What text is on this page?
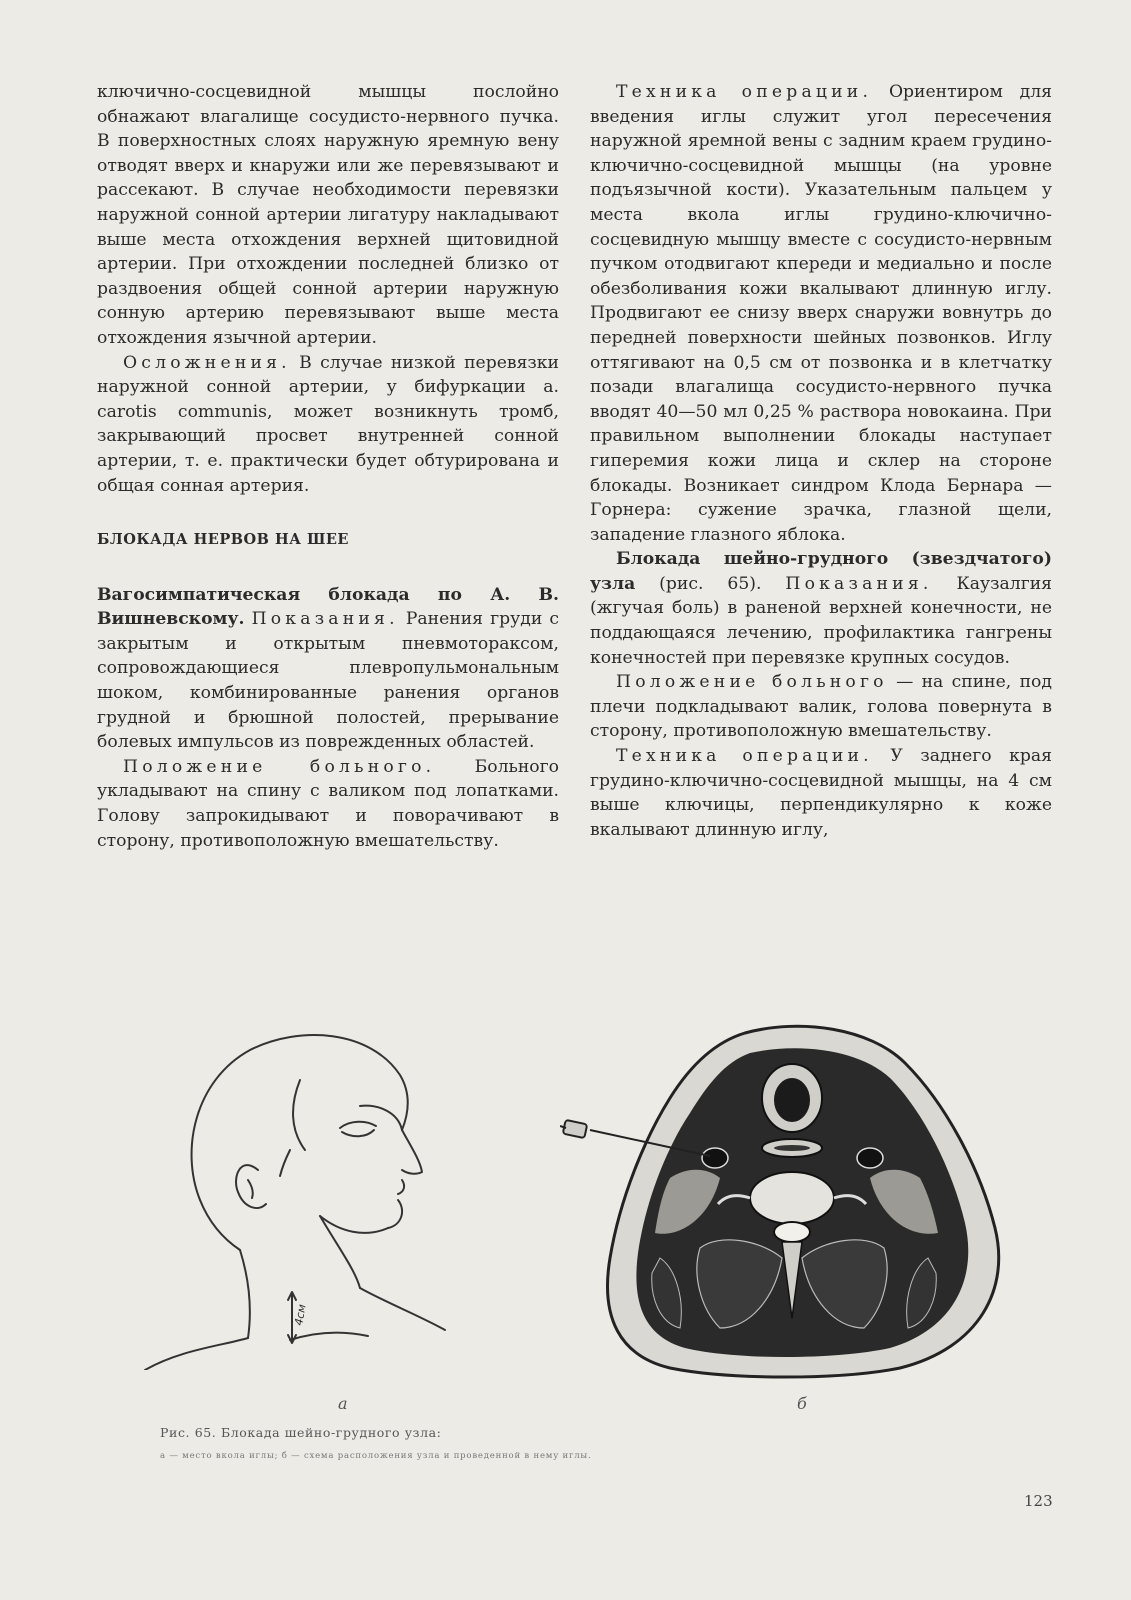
ключично-сосцевидной мышцы послойно обнажают влагалище сосудисто-нервного пучка. В поверхностных слоях наружную яремную вену отводят вверх и кнаружи или же перевязывают и рассекают. В случае необходимости перевязки наружной сонной артерии лигатуру накладывают выше места отхождения верхней щитовидной артерии. При отхождении последней близко от раздвоения общей сонной артерии наружную сонную артерию перевязывают выше места отхождения язычной артерии.

Осложнения. В случае низкой перевязки наружной сонной артерии, у бифуркации a. carotis communis, может возникнуть тромб, закрывающий просвет внутренней сонной артерии, т. е. практически будет обтурирована и общая сонная артерия.

БЛОКАДА НЕРВОВ НА ШЕЕ

Вагосимпатическая блокада по А. В. Вишневскому. Показания. Ранения груди с закрытым и открытым пневмотораксом, сопровождающиеся плевропульмональным шоком, комбинированные ранения органов грудной и брюшной полостей, прерывание болевых импульсов из поврежденных областей.

Положение больного. Больного укладывают на спину с валиком под лопатками. Голову запрокидывают и поворачивают в сторону, противоположную вмешательству.

Техника операции. Ориентиром для введения иглы служит угол пересечения наружной яремной вены с задним краем грудино-ключично-сосцевидной мышцы (на уровне подъязычной кости). Указательным пальцем у места вкола иглы грудино-ключично-сосцевидную мышцу вместе с сосудисто-нервным пучком отодвигают кпереди и медиально и после обезболивания кожи вкалывают длинную иглу. Продвигают ее снизу вверх снаружи вовнутрь до передней поверхности шейных позвонков. Иглу оттягивают на 0,5 см от позвонка и в клетчатку позади влагалища сосудисто-нервного пучка вводят 40—50 мл 0,25 % раствора новокаина. При правильном выполнении блокады наступает гиперемия кожи лица и склер на стороне блокады. Возникает синдром Клода Бернара — Горнера: сужение зрачка, глазной щели, западение глазного яблока.

Блокада шейно-грудного (звездчатого) узла (рис. 65). Показания. Каузалгия (жгучая боль) в раненой верхней конечности, не поддающаяся лечению, профилактика гангрены конечностей при перевязке крупных сосудов.

Положение больного — на спине, под плечи подкладывают валик, голова повернута в сторону, противоположную вмешательству.

Техника операции. У заднего края грудино-ключично-сосцевидной мышцы, на 4 см выше ключицы, перпендикулярно к коже вкалывают длинную иглу,

4см
а	б
Рис. 65. Блокада шейно-грудного узла:
а — место вкола иглы; б — схема расположения узла и проведенной в нему иглы.
123
